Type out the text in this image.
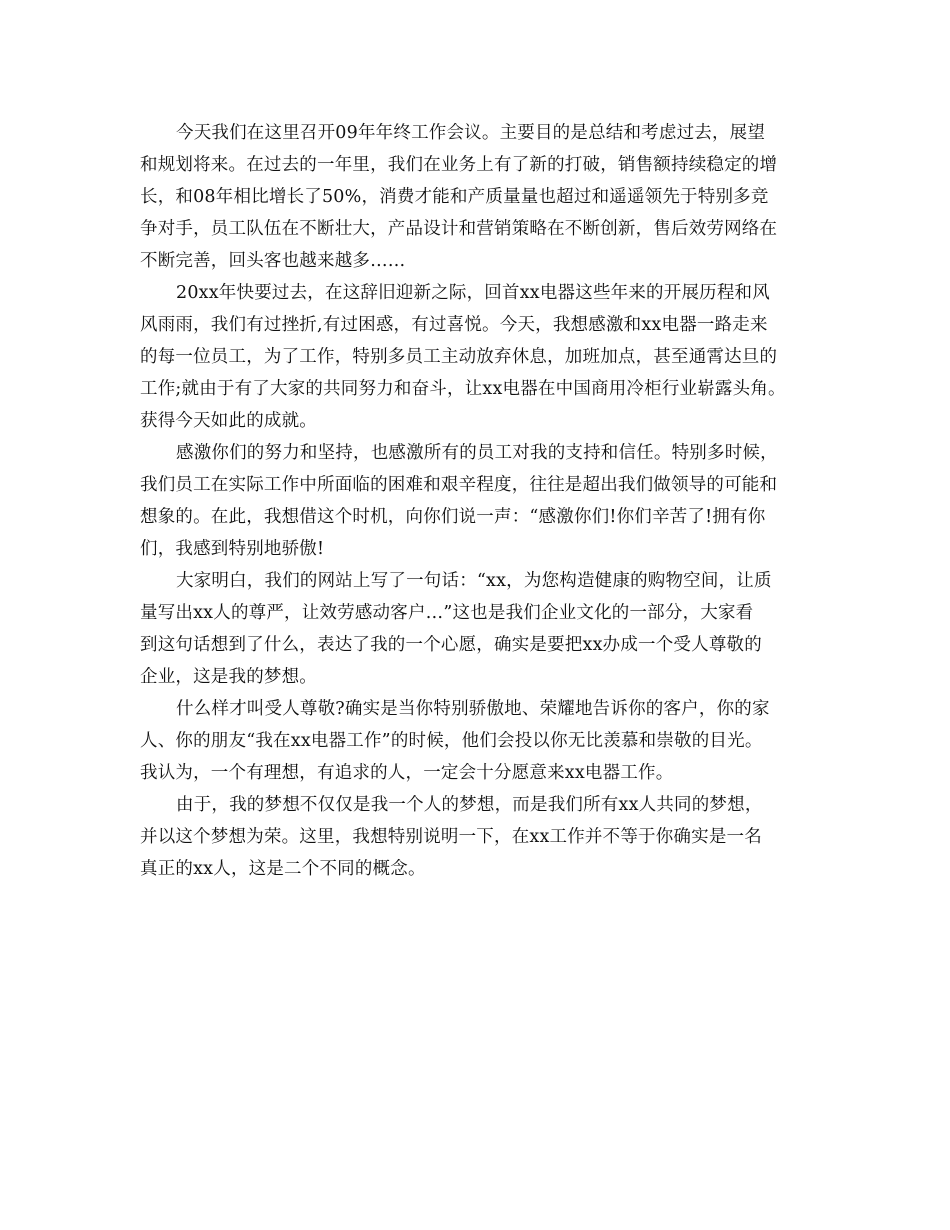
今天我们在这里召开09年年终工作会议。主要目的是总结和考虑过去，展望
和规划将来。在过去的一年里，我们在业务上有了新的打破，销售额持续稳定的增
长，和08年相比增长了50%，消费才能和产质量量也超过和遥遥领先于特别多竞
争对手，员工队伍在不断壮大，产品设计和营销策略在不断创新，售后效劳网络在
不断完善，回头客也越来越多……
20xx年快要过去，在这辞旧迎新之际，回首xx电器这些年来的开展历程和风
风雨雨，我们有过挫折,有过困惑，有过喜悦。今天，我想感激和xx电器一路走来
的每一位员工，为了工作，特别多员工主动放弃休息，加班加点，甚至通霄达旦的
工作;就由于有了大家的共同努力和奋斗，让xx电器在中国商用冷柜行业崭露头角。
获得今天如此的成就。
感激你们的努力和坚持，也感激所有的员工对我的支持和信任。特别多时候，
我们员工在实际工作中所面临的困难和艰辛程度，往往是超出我们做领导的可能和
想象的。在此，我想借这个时机，向你们说一声：“感激你们!你们辛苦了!拥有你
们，我感到特别地骄傲!
大家明白，我们的网站上写了一句话：“xx，为您构造健康的购物空间，让质
量写出xx人的尊严，让效劳感动客户…”这也是我们企业文化的一部分，大家看
到这句话想到了什么，表达了我的一个心愿，确实是要把xx办成一个受人尊敬的
企业，这是我的梦想。
什么样才叫受人尊敬?确实是当你特别骄傲地、荣耀地告诉你的客户，你的家
人、你的朋友“我在xx电器工作”的时候，他们会投以你无比羡慕和崇敬的目光。
我认为，一个有理想，有追求的人，一定会十分愿意来xx电器工作。
由于，我的梦想不仅仅是我一个人的梦想，而是我们所有xx人共同的梦想，
并以这个梦想为荣。这里，我想特别说明一下，在xx工作并不等于你确实是一名
真正的xx人，这是二个不同的概念。
